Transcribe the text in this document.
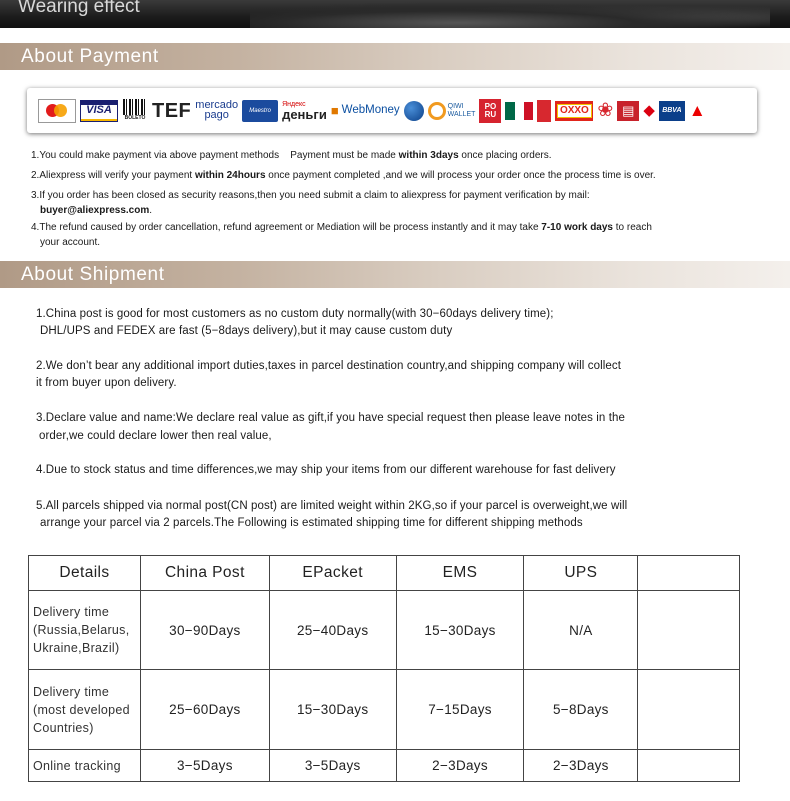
Wearing effect
About Payment
VISA
BOLETO TEF mercado
pago	Maestro
Яндекс
деньги ■ WebMoney	QIWI
WALLET
PO
RU	OXXO ❀ ▤ ◆	BBVA ▲
1.You could make payment via above payment methods Payment must be made within 3days once placing orders.
2.Aliexpress will verify your payment within 24hours once payment completed ,and we will process your order once the process time is over.
3.If you order has been closed as security reasons,then you need submit a claim to aliexpress for payment verification by mail:
buyer@aliexpress.com.
4.The refund caused by order cancellation, refund agreement or Mediation will be process instantly and it may take 7-10 work days to reach
your account.
About Shipment
1.China post is good for most customers as no custom duty normally(with 30−60days delivery time);
DHL/UPS and FEDEX are fast (5−8days delivery),but it may cause custom duty
2.We don’t bear any additional import duties,taxes in parcel destination country,and shipping company will collect
it from buyer upon delivery.
3.Declare value and name:We declare real value as gift,if you have special request then please leave notes in the
order,we could declare lower then real value,
4.Due to stock status and time differences,we may ship your items from our different warehouse for fast delivery
5.All parcels shipped via normal post(CN post) are limited weight within 2KG,so if your parcel is overweight,we will
arrange your parcel via 2 parcels.The Following is estimated shipping time for different shipping methods
Details	China Post	EPacket	EMS	UPS	
Delivery time
(Russia,Belarus,
Ukraine,Brazil)	30−90Days	25−40Days	15−30Days	N/A	
Delivery time
(most developed
Countries)	25−60Days	15−30Days	7−15Days	5−8Days	
Online tracking	3−5Days	3−5Days	2−3Days	2−3Days	
